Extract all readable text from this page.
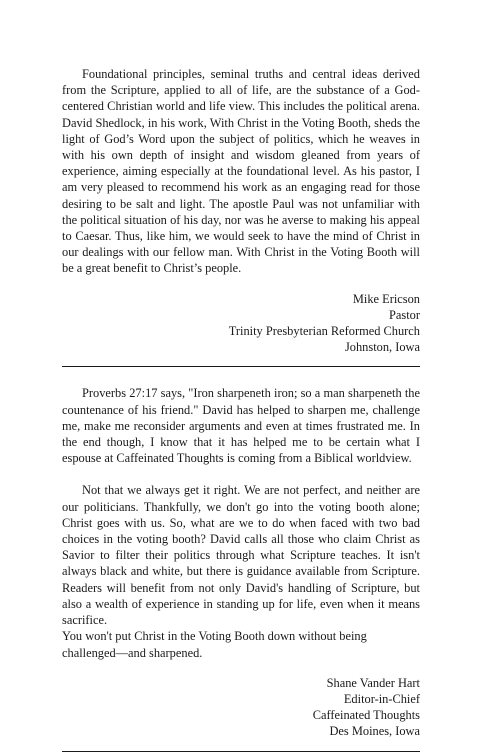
Foundational principles, seminal truths and central ideas derived from the Scripture, applied to all of life, are the substance of a God-centered Christian world and life view. This includes the political arena. David Shedlock, in his work, With Christ in the Voting Booth, sheds the light of God’s Word upon the subject of politics, which he weaves in with his own depth of insight and wisdom gleaned from years of experience, aiming especially at the foundational level. As his pastor, I am very pleased to recommend his work as an engaging read for those desiring to be salt and light. The apostle Paul was not unfamiliar with the political situation of his day, nor was he averse to making his appeal to Caesar. Thus, like him, we would seek to have the mind of Christ in our dealings with our fellow man. With Christ in the Voting Booth will be a great benefit to Christ’s people.

Mike Ericson
Pastor
Trinity Presbyterian Reformed Church
Johnston, Iowa

Proverbs 27:17 says, "Iron sharpeneth iron; so a man sharpeneth the countenance of his friend." David has helped to sharpen me, challenge me, make me reconsider arguments and even at times frustrated me. In the end though, I know that it has helped me to be certain what I espouse at Caffeinated Thoughts is coming from a Biblical worldview.

Not that we always get it right. We are not perfect, and neither are our politicians. Thankfully, we don't go into the voting booth alone; Christ goes with us. So, what are we to do when faced with two bad choices in the voting booth? David calls all those who claim Christ as Savior to filter their politics through what Scripture teaches. It isn't always black and white, but there is guidance available from Scripture. Readers will benefit from not only David's handling of Scripture, but also a wealth of experience in standing up for life, even when it means sacrifice.

You won't put Christ in the Voting Booth down without being challenged—and sharpened.

Shane Vander Hart
Editor-in-Chief
Caffeinated Thoughts
Des Moines, Iowa
